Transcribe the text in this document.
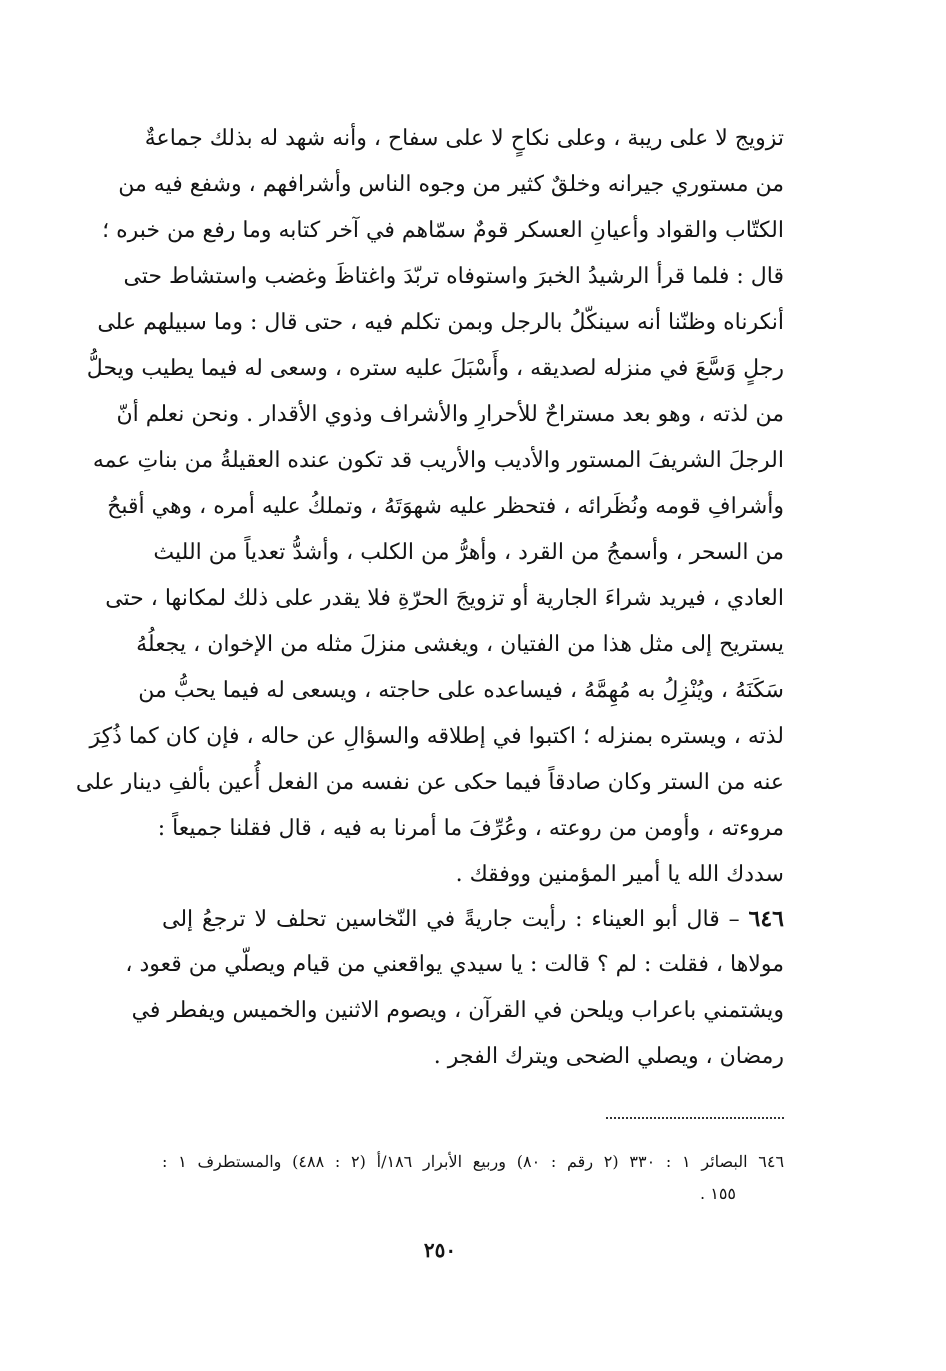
تزويج لا على ريبة ، وعلى نكاحٍ لا على سفاح ، وأنه شهد له بذلك جماعةٌ
من مستوري جيرانه وخلقٌ كثير من وجوه الناس وأشرافهم ، وشفع فيه من
الكتّاب والقواد وأعيانِ العسكر قومٌ سمّاهم في آخر كتابه وما رفع من خبره ؛
قال : فلما قرأ الرشيدُ الخبرَ واستوفاه تربّدَ واغتاظَ وغضب واستشاط حتى
أنكرناه وظنّنا أنه سينكّلُ بالرجل وبمن تكلم فيه ، حتى قال : وما سبيلهم على
رجلٍ وَسَّعَ في منزله لصديقه ، وأَسْبَلَ عليه ستره ، وسعى له فيما يطيب ويحلُّ
من لذته ، وهو بعد مستراحٌ للأحرارِ والأشراف وذوي الأقدار . ونحن نعلم أنّ
الرجلَ الشريفَ المستور والأديب والأريب قد تكون عنده العقيلةُ من بناتِ عمه
وأشرافِ قومه ونُظَرائه ، فتحظر عليه شهوَتَهُ ، وتملكُ عليه أمره ، وهي أقبحُ
من السحر ، وأسمجُ من القرد ، وأهرُّ من الكلب ، وأشدُّ تعدياً من الليث
العادي ، فيريد شراءَ الجارية أو تزويجَ الحرّةِ فلا يقدر على ذلك لمكانها ، حتى
يستريح إلى مثل هذا من الفتيان ، ويغشى منزلَ مثله من الإخوان ، يجعلُهُ
سَكَنَهُ ، ويُنْزِلُ به مُهِمَّهُ ، فيساعده على حاجته ، ويسعى له فيما يحبُّ من
لذته ، ويستره بمنزله ؛ اكتبوا في إطلاقه والسؤالِ عن حاله ، فإن كان كما ذُكِرَ
عنه من الستر وكان صادقاً فيما حكى عن نفسه من الفعل أُعين بألفِ دينار على
مروءته ، وأومن من روعته ، وعُرِّفَ ما أمرنا به فيه ، قال فقلنا جميعاً :
سددك الله يا أمير المؤمنين ووفقك .
٦٤٦ – قال أبو العيناء : رأيت جاريةً في النّخاسين تحلف لا ترجعُ إلى
مولاها ، فقلت : لم ؟ قالت : يا سيدي يواقعني من قيام ويصلّي من قعود ،
ويشتمني باعراب ويلحن في القرآن ، ويصوم الاثنين والخميس ويفطر في
رمضان ، ويصلي الضحى ويترك الفجر .
٦٤٦ البصائر ١ : ٣٣٠ (٢ رقم : ٨٠) وربيع الأبرار ١٨٦/أ (٢ : ٤٨٨) والمستطرف ١ :
١٥٥ .
٢٥٠
